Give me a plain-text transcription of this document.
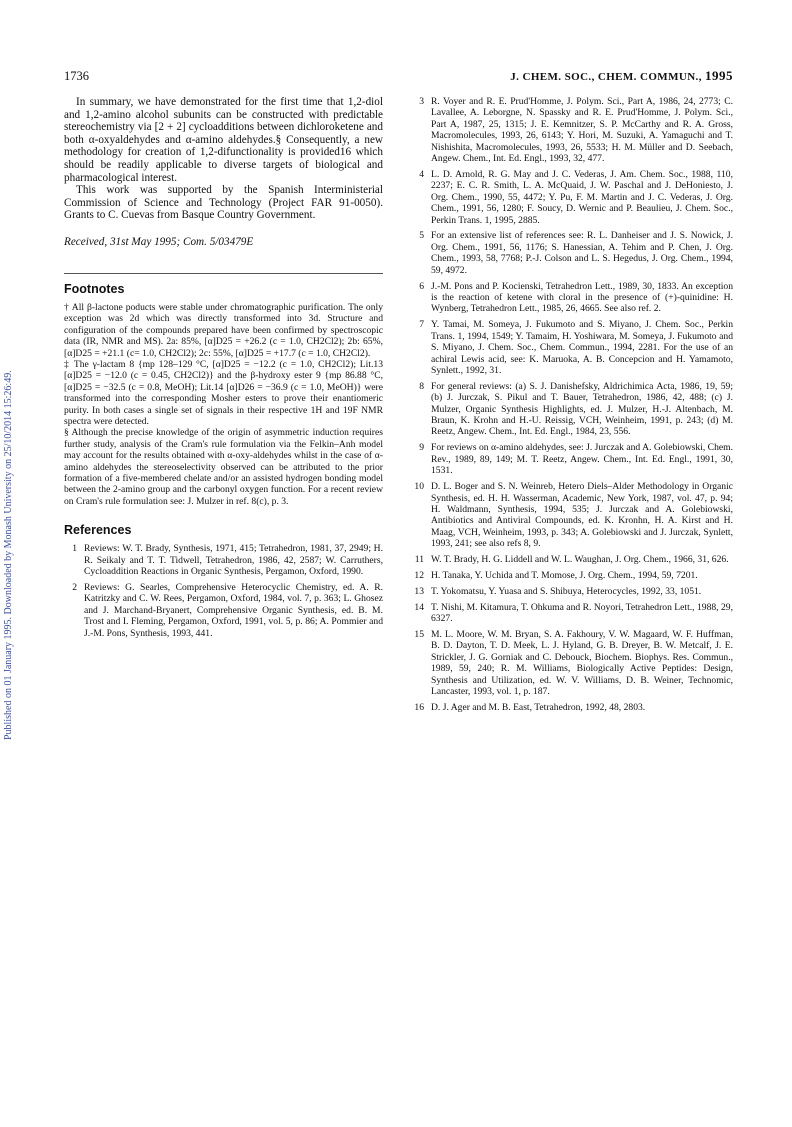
1736	J. CHEM. SOC., CHEM. COMMUN., 1995
Published on 01 January 1995. Downloaded by Monash University on 25/10/2014 15:26:49.

In summary, we have demonstrated for the first time that 1,2-diol and 1,2-amino alcohol subunits can be constructed with predictable stereochemistry via [2 + 2] cycloadditions between dichloroketene and both α-oxyaldehydes and α-amino aldehydes.§ Consequently, a new methodology for creation of 1,2-difunctionality is provided16 which should be readily applicable to diverse targets of biological and pharmacological interest.

This work was supported by the Spanish Interministerial Commission of Science and Technology (Project FAR 91-0050). Grants to C. Cuevas from Basque Country Government.

Received, 31st May 1995; Com. 5/03479E

Footnotes

† All β-lactone poducts were stable under chromatographic purification. The only exception was 2d which was directly transformed into 3d. Structure and configuration of the compounds prepared have been confirmed by spectroscopic data (IR, NMR and MS). 2a: 85%, [α]D25 = +26.2 (c = 1.0, CH2Cl2); 2b: 65%, [α]D25 = +21.1 (c= 1.0, CH2Cl2); 2c: 55%, [α]D25 = +17.7 (c = 1.0, CH2Cl2).

‡ The γ-lactam 8 {mp 128–129 °C, [α]D25 = −12.2 (c = 1.0, CH2Cl2); Lit.13 [α]D25 = −12.0 (c = 0.45, CH2Cl2)} and the β-hydroxy ester 9 {mp 86.88 °C, [α]D25 = −32.5 (c = 0.8, MeOH); Lit.14 [α]D26 = −36.9 (c = 1.0, MeOH)} were transformed into the corresponding Mosher esters to prove their enantiomeric purity. In both cases a single set of signals in their respective 1H and 19F NMR spectra were detected.

§ Although the precise knowledge of the origin of asymmetric induction requires further study, analysis of the Cram's rule formulation via the Felkin–Anh model may account for the results obtained with α-oxy-aldehydes whilst in the case of α-amino aldehydes the stereoselectivity observed can be attributed to the prior formation of a five-membered chelate and/or an assisted hydrogen bonding model between the 2-amino group and the carbonyl oxygen function. For a recent review on Cram's rule formulation see: J. Mulzer in ref. 8(c), p. 3.

References
1 Reviews: W. T. Brady, Synthesis, 1971, 415; Tetrahedron, 1981, 37, 2949; H. R. Seikaly and T. T. Tidwell, Tetrahedron, 1986, 42, 2587; W. Carruthers, Cycloaddition Reactions in Organic Synthesis, Pergamon, Oxford, 1990.
2 Reviews: G. Searles, Comprehensive Heterocyclic Chemistry, ed. A. R. Katritzky and C. W. Rees, Pergamon, Oxford, 1984, vol. 7, p. 363; L. Ghosez and J. Marchand-Bryanert, Comprehensive Organic Synthesis, ed. B. M. Trost and I. Fleming, Pergamon, Oxford, 1991, vol. 5, p. 86; A. Pommier and J.-M. Pons, Synthesis, 1993, 441.
3 R. Voyer and R. E. Prud'Homme, J. Polym. Sci., Part A, 1986, 24, 2773; C. Lavallee, A. Leborgne, N. Spassky and R. E. Prud'Homme, J. Polym. Sci., Part A, 1987, 25, 1315; J. E. Kemnitzer, S. P. McCarthy and R. A. Gross, Macromolecules, 1993, 26, 6143; Y. Hori, M. Suzuki, A. Yamaguchi and T. Nishishita, Macromolecules, 1993, 26, 5533; H. M. Müller and D. Seebach, Angew. Chem., Int. Ed. Engl., 1993, 32, 477.
4 L. D. Arnold, R. G. May and J. C. Vederas, J. Am. Chem. Soc., 1988, 110, 2237; E. C. R. Smith, L. A. McQuaid, J. W. Paschal and J. DeHoniesto, J. Org. Chem., 1990, 55, 4472; Y. Pu, F. M. Martin and J. C. Vederas, J. Org. Chem., 1991, 56, 1280; F. Soucy, D. Wernic and P. Beaulieu, J. Chem. Soc., Perkin Trans. 1, 1995, 2885.
5 For an extensive list of references see: R. L. Danheiser and J. S. Nowick, J. Org. Chem., 1991, 56, 1176; S. Hanessian, A. Tehim and P. Chen, J. Org. Chem., 1993, 58, 7768; P.-J. Colson and L. S. Hegedus, J. Org. Chem., 1994, 59, 4972.
6 J.-M. Pons and P. Kocienski, Tetrahedron Lett., 1989, 30, 1833. An exception is the reaction of ketene with cloral in the presence of (+)-quinidine: H. Wynberg, Tetrahedron Lett., 1985, 26, 4665. See also ref. 2.
7 Y. Tamai, M. Someya, J. Fukumoto and S. Miyano, J. Chem. Soc., Perkin Trans. 1, 1994, 1549; Y. Tamaim, H. Yoshiwara, M. Someya, J. Fukumoto and S. Miyano, J. Chem. Soc., Chem. Commun., 1994, 2281. For the use of an achiral Lewis acid, see: K. Maruoka, A. B. Concepcion and H. Yamamoto, Synlett., 1992, 31.
8 For general reviews: (a) S. J. Danishefsky, Aldrichimica Acta, 1986, 19, 59; (b) J. Jurczak, S. Pikul and T. Bauer, Tetrahedron, 1986, 42, 488; (c) J. Mulzer, Organic Synthesis Highlights, ed. J. Mulzer, H.-J. Altenbach, M. Braun, K. Krohn and H.-U. Reissig, VCH, Weinheim, 1991, p. 243; (d) M. Reetz, Angew. Chem., Int. Ed. Engl., 1984, 23, 556.
9 For reviews on α-amino aldehydes, see: J. Jurczak and A. Golebiowski, Chem. Rev., 1989, 89, 149; M. T. Reetz, Angew. Chem., Int. Ed. Engl., 1991, 30, 1531.
10 D. L. Boger and S. N. Weinreb, Hetero Diels–Alder Methodology in Organic Synthesis, ed. H. H. Wasserman, Academic, New York, 1987, vol. 47, p. 94; H. Waldmann, Synthesis, 1994, 535; J. Jurczak and A. Golebiowski, Antibiotics and Antiviral Compounds, ed. K. Kronhn, H. A. Kirst and H. Maag, VCH, Weinheim, 1993, p. 343; A. Golebiowski and J. Jurczak, Synlett, 1993, 241; see also refs 8, 9.
11 W. T. Brady, H. G. Liddell and W. L. Waughan, J. Org. Chem., 1966, 31, 626.
12 H. Tanaka, Y. Uchida and T. Momose, J. Org. Chem., 1994, 59, 7201.
13 T. Yokomatsu, Y. Yuasa and S. Shibuya, Heterocycles, 1992, 33, 1051.
14 T. Nishi, M. Kitamura, T. Ohkuma and R. Noyori, Tetrahedron Lett., 1988, 29, 6327.
15 M. L. Moore, W. M. Bryan, S. A. Fakhoury, V. W. Magaard, W. F. Huffman, B. D. Dayton, T. D. Meek, L. J. Hyland, G. B. Dreyer, B. W. Metcalf, J. E. Strickler, J. G. Gorniak and C. Debouck, Biochem. Biophys. Res. Commun., 1989, 59, 240; R. M. Williams, Biologically Active Peptides: Design, Synthesis and Utilization, ed. W. V. Williams, D. B. Weiner, Technomic, Lancaster, 1993, vol. 1, p. 187.
16 D. J. Ager and M. B. East, Tetrahedron, 1992, 48, 2803.
